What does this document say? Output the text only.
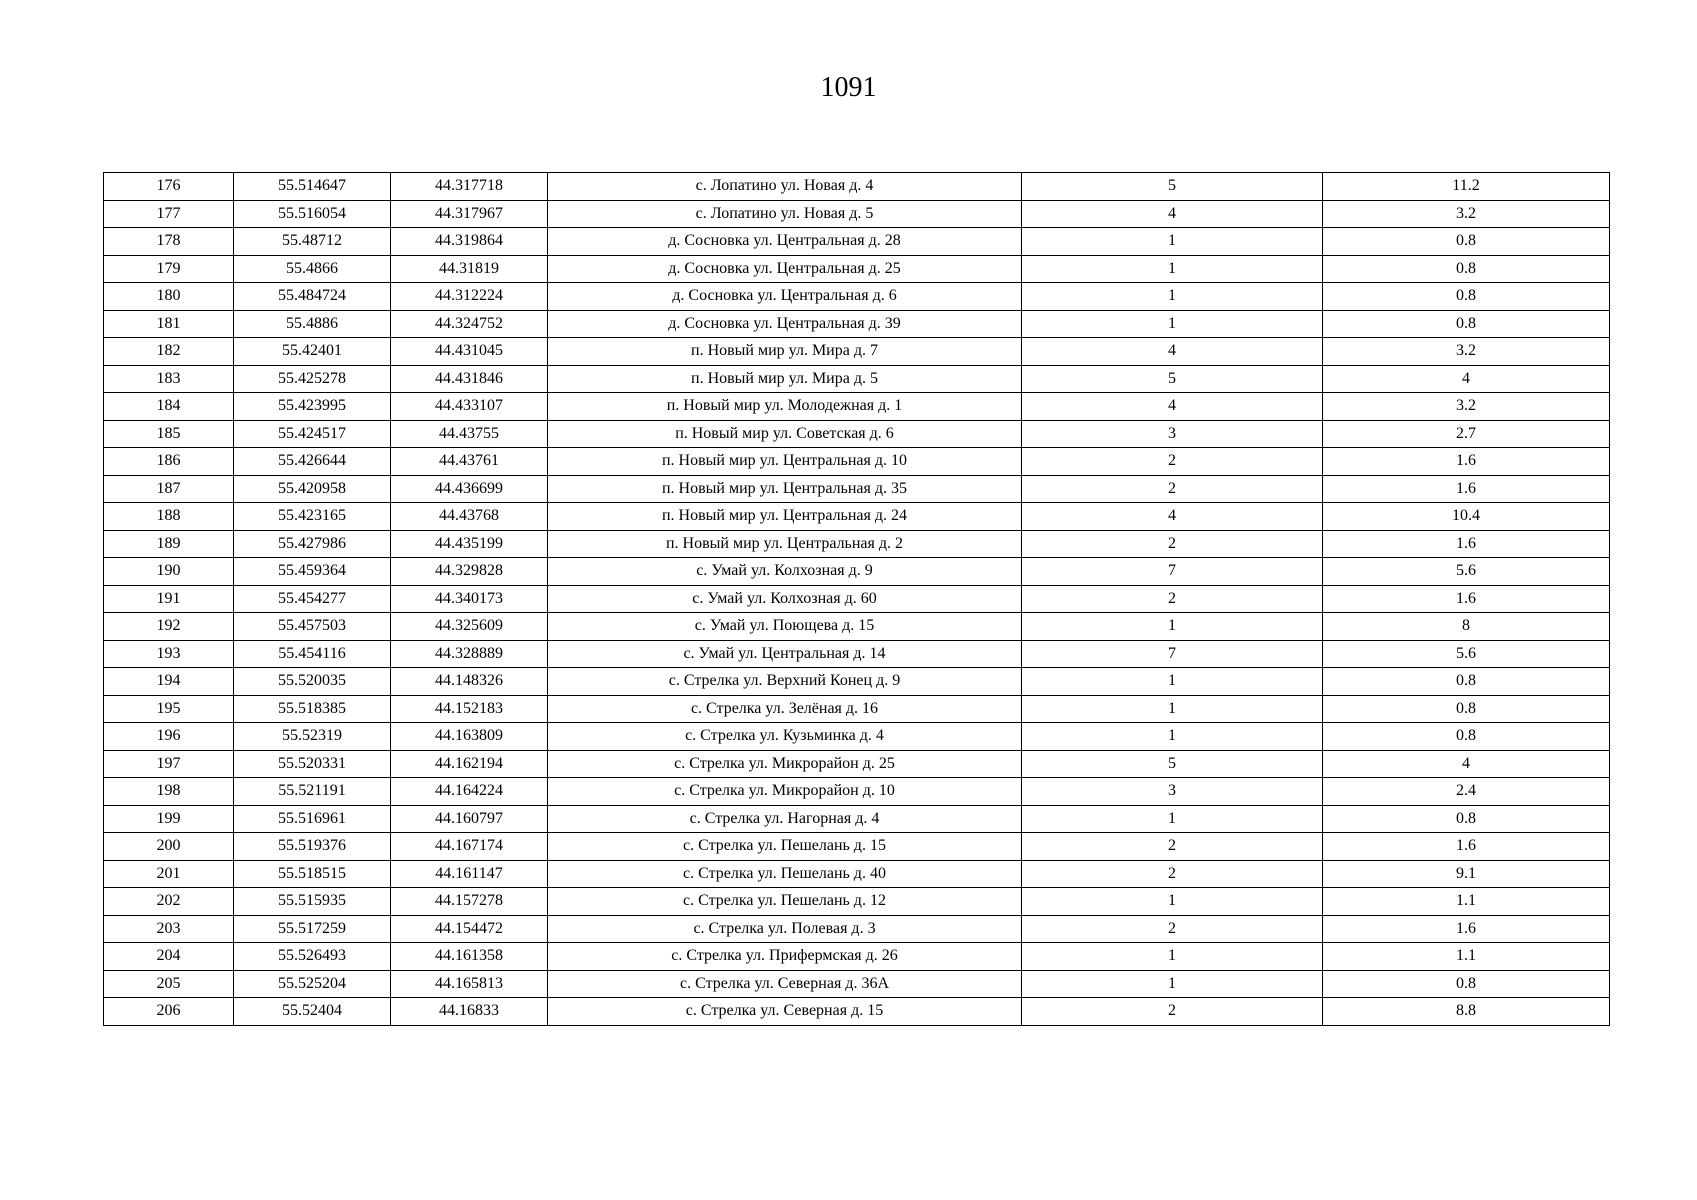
1091
176	55.514647	44.317718	с. Лопатино ул. Новая д. 4	5	11.2
177	55.516054	44.317967	с. Лопатино ул. Новая д. 5	4	3.2
178	55.48712	44.319864	д. Сосновка ул. Центральная д. 28	1	0.8
179	55.4866	44.31819	д. Сосновка ул. Центральная д. 25	1	0.8
180	55.484724	44.312224	д. Сосновка ул. Центральная д. 6	1	0.8
181	55.4886	44.324752	д. Сосновка ул. Центральная д. 39	1	0.8
182	55.42401	44.431045	п. Новый мир ул. Мира д. 7	4	3.2
183	55.425278	44.431846	п. Новый мир ул. Мира д. 5	5	4
184	55.423995	44.433107	п. Новый мир ул. Молодежная д. 1	4	3.2
185	55.424517	44.43755	п. Новый мир ул. Советская д. 6	3	2.7
186	55.426644	44.43761	п. Новый мир ул. Центральная д. 10	2	1.6
187	55.420958	44.436699	п. Новый мир ул. Центральная д. 35	2	1.6
188	55.423165	44.43768	п. Новый мир ул. Центральная д. 24	4	10.4
189	55.427986	44.435199	п. Новый мир ул. Центральная д. 2	2	1.6
190	55.459364	44.329828	с. Умай ул. Колхозная д. 9	7	5.6
191	55.454277	44.340173	с. Умай ул. Колхозная д. 60	2	1.6
192	55.457503	44.325609	с. Умай ул. Поющева д. 15	1	8
193	55.454116	44.328889	с. Умай ул. Центральная д. 14	7	5.6
194	55.520035	44.148326	с. Стрелка ул. Верхний Конец д. 9	1	0.8
195	55.518385	44.152183	с. Стрелка ул. Зелёная д. 16	1	0.8
196	55.52319	44.163809	с. Стрелка ул. Кузьминка д. 4	1	0.8
197	55.520331	44.162194	с. Стрелка ул. Микрорайон д. 25	5	4
198	55.521191	44.164224	с. Стрелка ул. Микрорайон д. 10	3	2.4
199	55.516961	44.160797	с. Стрелка ул. Нагорная д. 4	1	0.8
200	55.519376	44.167174	с. Стрелка ул. Пешелань д. 15	2	1.6
201	55.518515	44.161147	с. Стрелка ул. Пешелань д. 40	2	9.1
202	55.515935	44.157278	с. Стрелка ул. Пешелань д. 12	1	1.1
203	55.517259	44.154472	с. Стрелка ул. Полевая д. 3	2	1.6
204	55.526493	44.161358	с. Стрелка ул. Прифермская д. 26	1	1.1
205	55.525204	44.165813	с. Стрелка ул. Северная д. 36А	1	0.8
206	55.52404	44.16833	с. Стрелка ул. Северная д. 15	2	8.8
